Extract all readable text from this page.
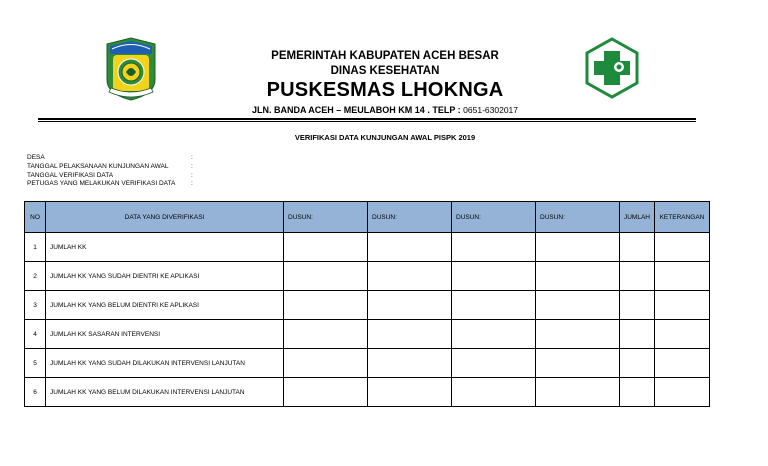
PEMERINTAH KABUPATEN ACEH BESAR
DINAS KESEHATAN
PUSKESMAS LHOKNGA
JLN. BANDA ACEH – MEULABOH KM 14 . TELP : 0651-6302017
VERIFIKASI DATA KUNJUNGAN AWAL PISPK 2019
DESA	:
TANGGAL PELAKSANAAN KUNJUNGAN AWAL	:
TANGGAL VERIFIKASI DATA	:
PETUGAS YANG MELAKUKAN VERIFIKASI DATA :
NO	DATA YANG DIVERIFIKASI	DUSUN:	DUSUN:	DUSUN:	DUSUN:	JUMLAH	KETERANGAN
1	JUMLAH KK						
2	JUMLAH KK YANG SUDAH DIENTRI KE APLIKASI						
3	JUMLAH KK YANG BELUM DIENTRI KE APLIKASI						
4	JUMLAH KK SASARAN INTERVENSI						
5	JUMLAH KK YANG SUDAH DILAKUKAN INTERVENSI LANJUTAN						
6	JUMLAH KK YANG BELUM DILAKUKAN INTERVENSI LANJUTAN						
